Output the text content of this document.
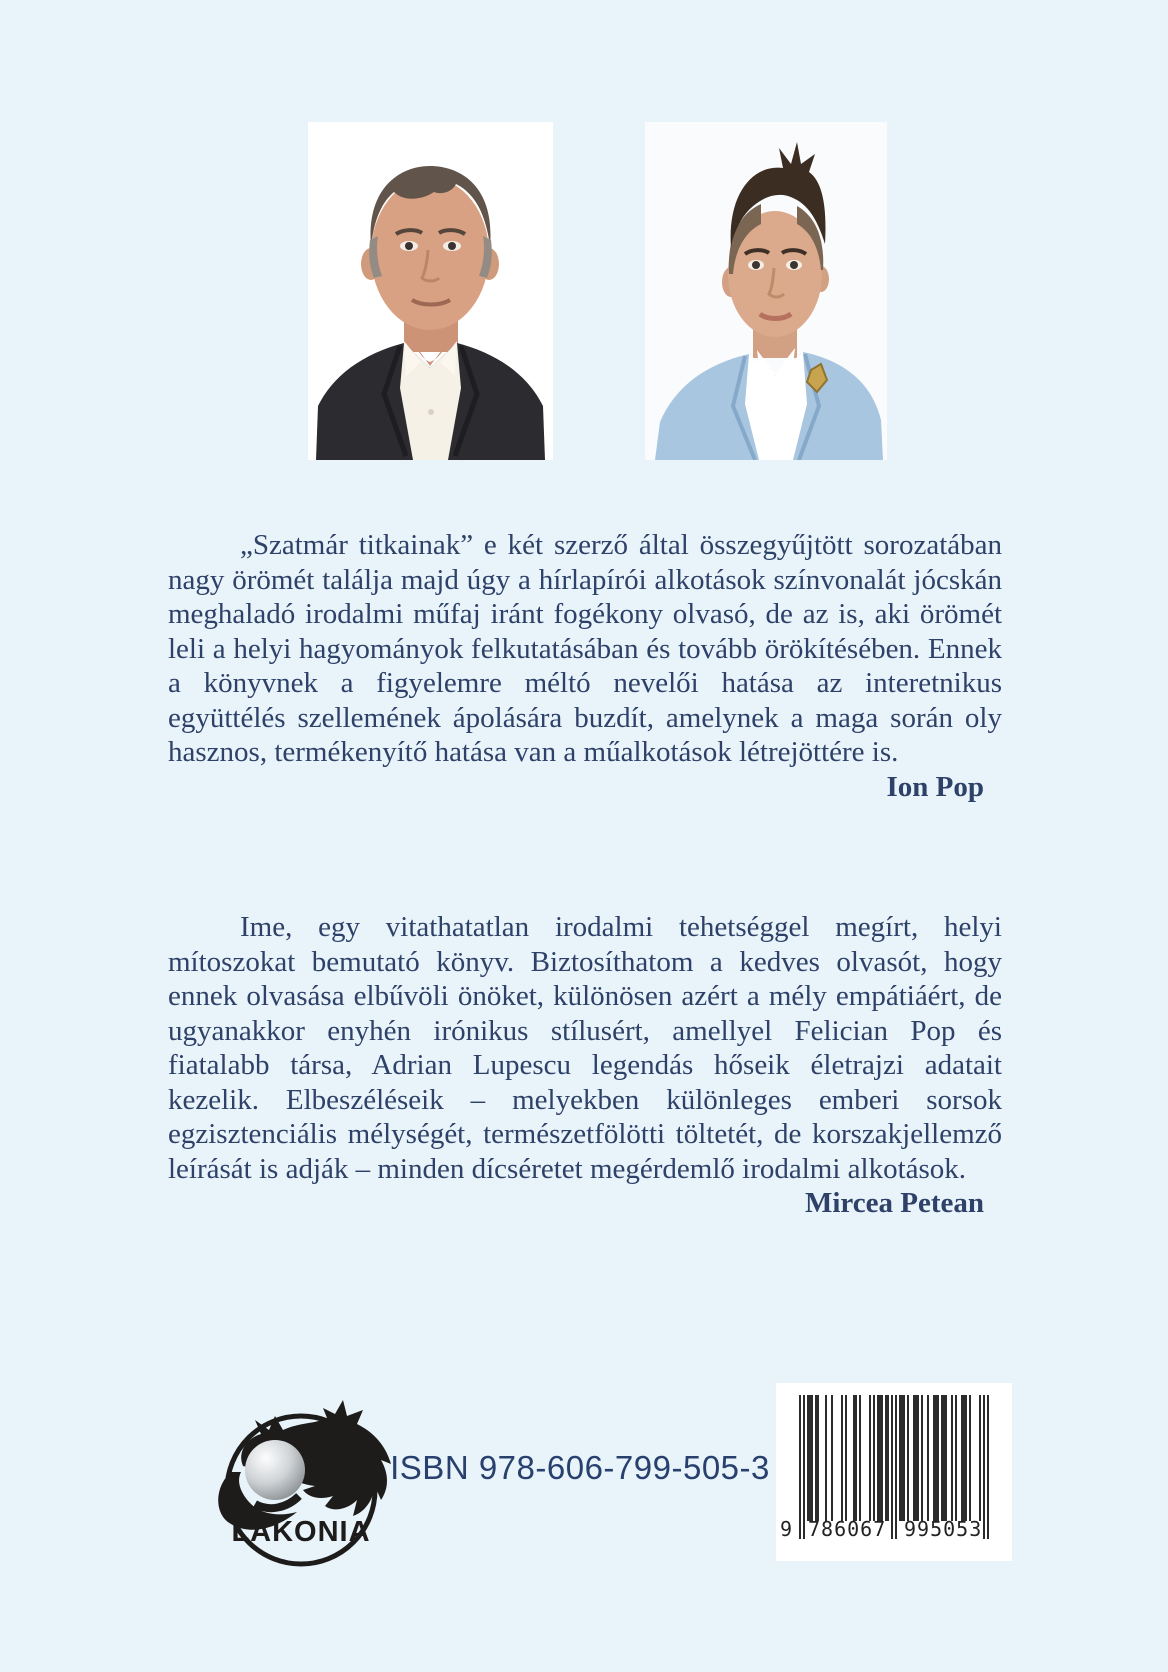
„Szatmár titkainak” e két szerző által összegyűjtött sorozatában nagy örömét találja majd úgy a hírlapírói alkotások színvonalát jócskán meghaladó irodalmi műfaj iránt fogékony olvasó, de az is, aki örömét leli a helyi hagyományok felkutatásában és tovább örökítésében. Ennek a könyvnek a figyelemre méltó nevelői hatása az interetnikus együttélés szellemének ápolására buzdít, amelynek a maga során oly hasznos, termékenyítő hatása van a műalkotások létrejöttére is.

Ion Pop

Ime, egy vitathatatlan irodalmi tehetséggel megírt, helyi mítoszokat bemutató könyv. Biztosíthatom a kedves olvasót, hogy ennek olvasása elbűvöli önöket, különösen azért a mély empátiáért, de ugyanakkor enyhén irónikus stílusért, amellyel Felician Pop és fiatalabb társa, Adrian Lupescu legendás hőseik életrajzi adatait kezelik. Elbeszéléseik – melyekben különleges emberi sorsok egzisztenciális mélységét, természetfölötti töltetét, de korszakjellemző leírását is adják – minden dícséretet megérdemlő irodalmi alkotások.

Mircea Petean

LAKONIA
ISBN 978-606-799-505-3
9 786067 995053
